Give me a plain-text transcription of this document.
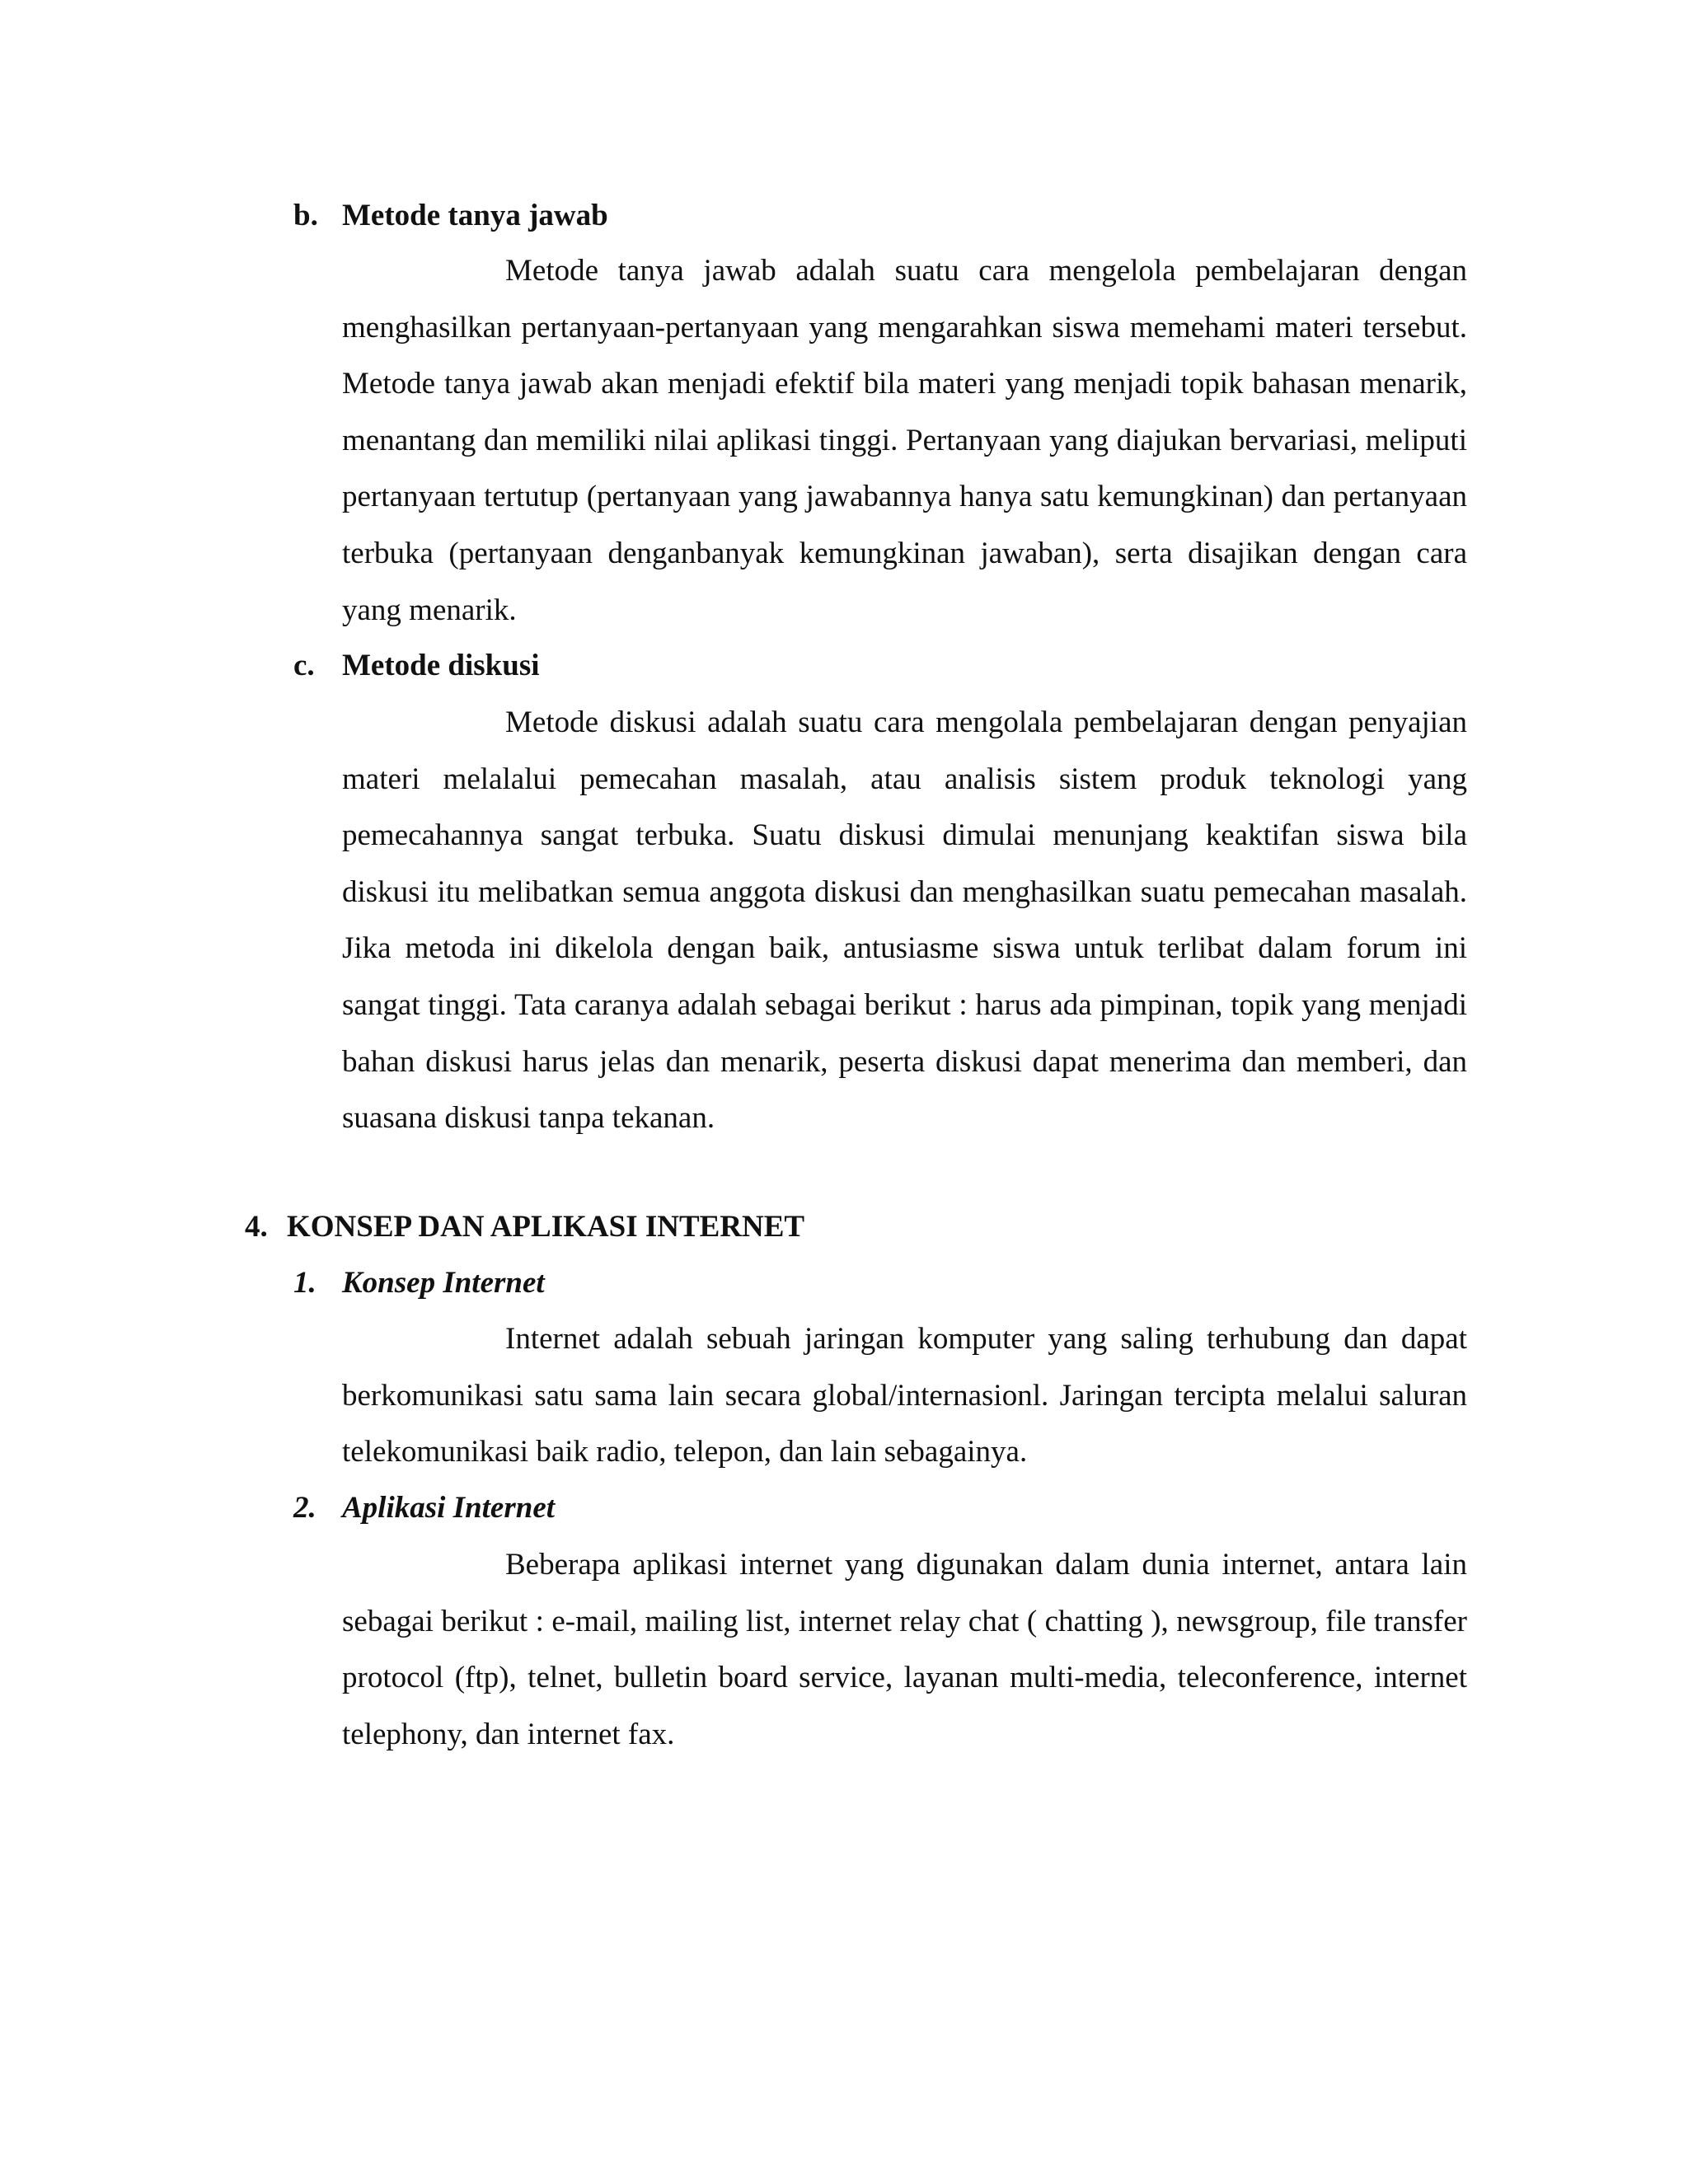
b. Metode tanya jawab

Metode tanya jawab adalah suatu cara mengelola pembelajaran dengan menghasilkan pertanyaan-pertanyaan yang mengarahkan siswa memehami materi tersebut. Metode tanya jawab akan menjadi efektif bila materi yang menjadi topik bahasan menarik, menantang dan memiliki nilai aplikasi tinggi. Pertanyaan yang diajukan bervariasi, meliputi pertanyaan tertutup (pertanyaan yang jawabannya hanya satu kemungkinan) dan pertanyaan terbuka (pertanyaan denganbanyak kemungkinan jawaban), serta disajikan dengan cara yang menarik.

c. Metode diskusi

Metode diskusi adalah suatu cara mengolala pembelajaran dengan penyajian materi melalalui pemecahan masalah, atau analisis sistem produk teknologi yang pemecahannya sangat terbuka. Suatu diskusi dimulai menunjang keaktifan siswa bila diskusi itu melibatkan semua anggota diskusi dan menghasilkan suatu pemecahan masalah. Jika metoda ini dikelola dengan baik, antusiasme siswa untuk terlibat dalam forum ini sangat tinggi. Tata caranya adalah sebagai berikut : harus ada pimpinan, topik yang menjadi bahan diskusi harus jelas dan menarik, peserta diskusi dapat menerima dan memberi, dan suasana diskusi tanpa tekanan.

4. KONSEP DAN APLIKASI INTERNET
1. Konsep Internet

Internet adalah sebuah jaringan komputer yang saling terhubung dan dapat berkomunikasi satu sama lain secara global/internasionl. Jaringan tercipta melalui saluran telekomunikasi baik radio, telepon, dan lain sebagainya.

2. Aplikasi Internet

Beberapa aplikasi internet yang digunakan dalam dunia internet, antara lain sebagai berikut : e-mail, mailing list, internet relay chat ( chatting ), newsgroup, file transfer protocol (ftp), telnet, bulletin board service, layanan multi-media, teleconference, internet telephony, dan internet fax.
